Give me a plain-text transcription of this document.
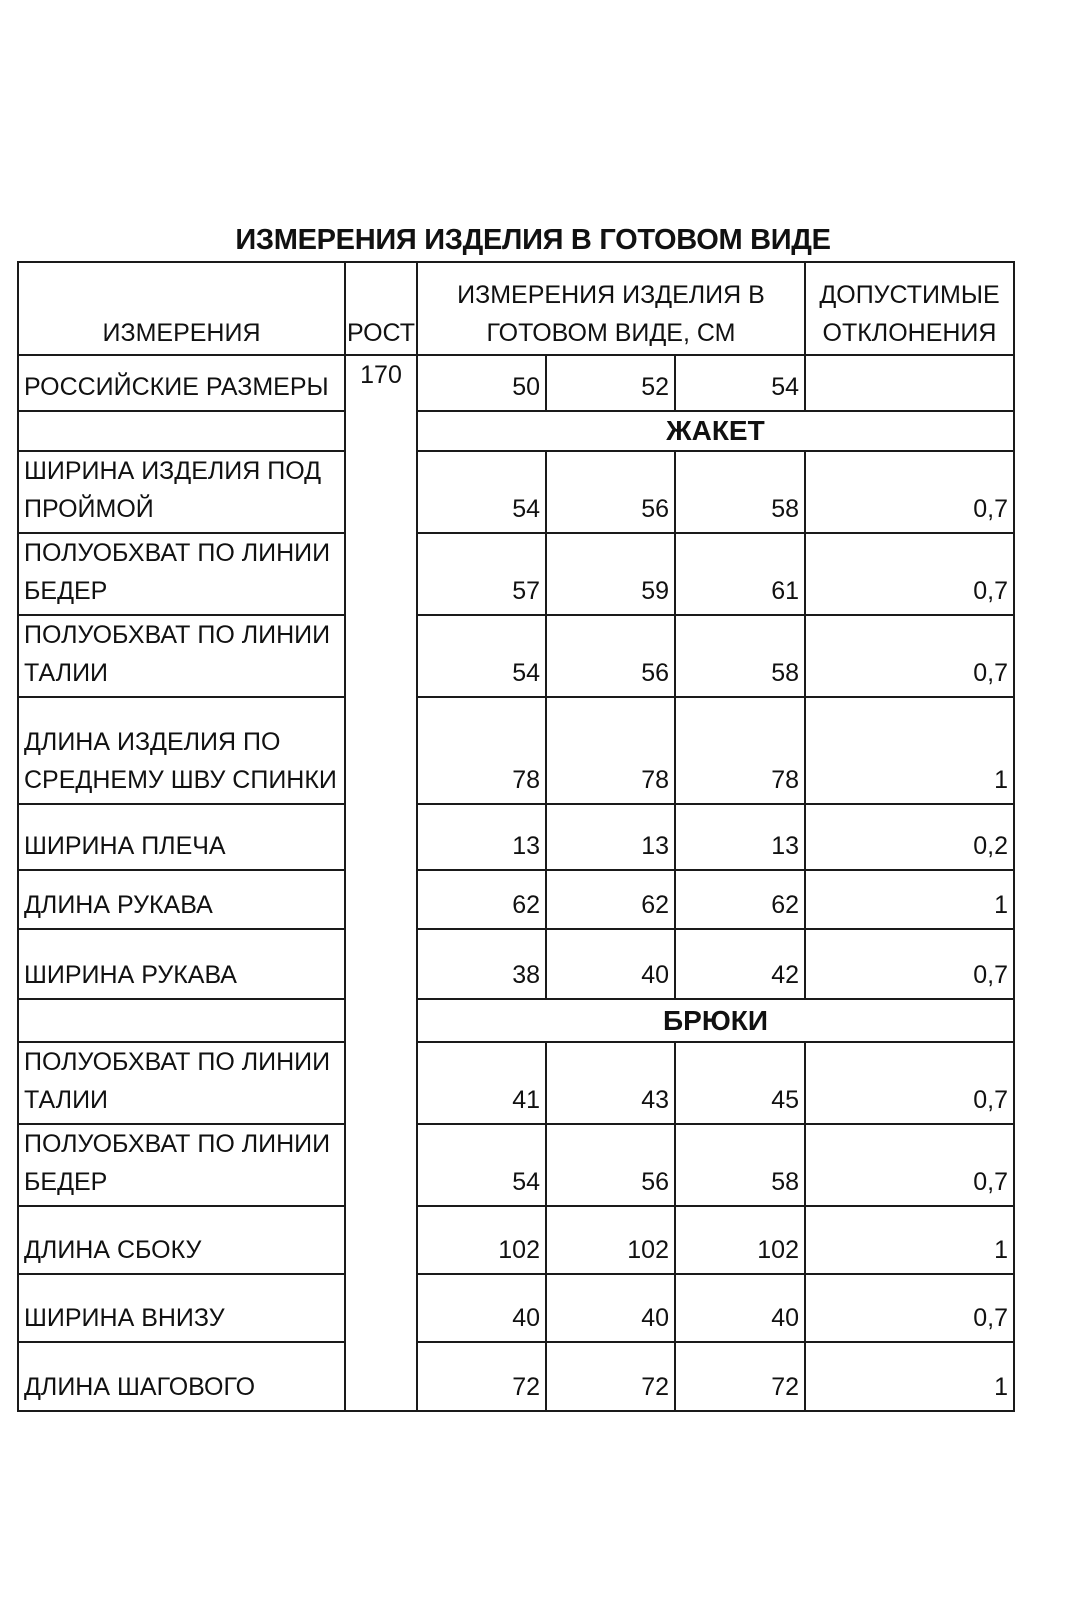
ИЗМЕРЕНИЯ ИЗДЕЛИЯ В ГОТОВОМ ВИДЕ
ИЗМЕРЕНИЯ	РОСТ	ИЗМЕРЕНИЯ ИЗДЕЛИЯ В
ГОТОВОМ ВИДЕ, СМ			ДОПУСТИМЫЕ
ОТКЛОНЕНИЯ

РОССИЙСКИЕ РАЗМЕРЫ	170	50	52	54	
		ЖАКЕТ			
ШИРИНА ИЗДЕЛИЯ ПОД ПРОЙМОЙ		54	56	58	0,7
ПОЛУОБХВАТ ПО ЛИНИИ БЕДЕР		57	59	61	0,7
ПОЛУОБХВАТ ПО ЛИНИИ ТАЛИИ		54	56	58	0,7
ДЛИНА ИЗДЕЛИЯ ПО СРЕДНЕМУ ШВУ СПИНКИ		78	78	78	1
ШИРИНА ПЛЕЧА		13	13	13	0,2
ДЛИНА РУКАВА		62	62	62	1
ШИРИНА РУКАВА		38	40	42	0,7
		БРЮКИ			
ПОЛУОБХВАТ ПО ЛИНИИ ТАЛИИ		41	43	45	0,7
ПОЛУОБХВАТ ПО ЛИНИИ БЕДЕР		54	56	58	0,7
ДЛИНА СБОКУ		102	102	102	1
ШИРИНА ВНИЗУ		40	40	40	0,7
ДЛИНА ШАГОВОГО		72	72	72	1
